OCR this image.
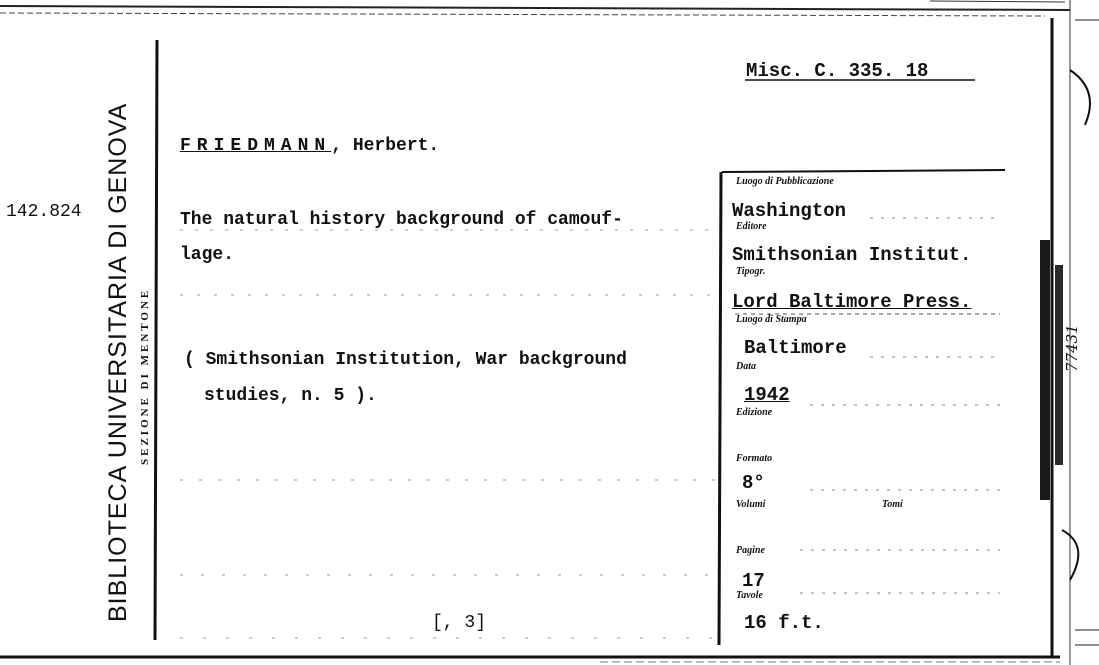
BIBLIOTECA UNIVERSITARIA DI GENOVA SEZIONE DI MENTONE
142.824
Misc. C. 335. 18
FRIEDMANN, Herbert.
The natural history background of camouf-
lage.
( Smithsonian Institution, War background
studies, n. 5 ).
[, 3]
Luogo di Pubblicazione
Washington
Editore
Smithsonian Institut.
Tipogr.
Lord Baltimore Press.
Luogo di Stampa
Baltimore
Data
1942
Edizione
Formato
8°
Volumi	Tomi
Pagine
17
Tavole
16 f.t.
77431
